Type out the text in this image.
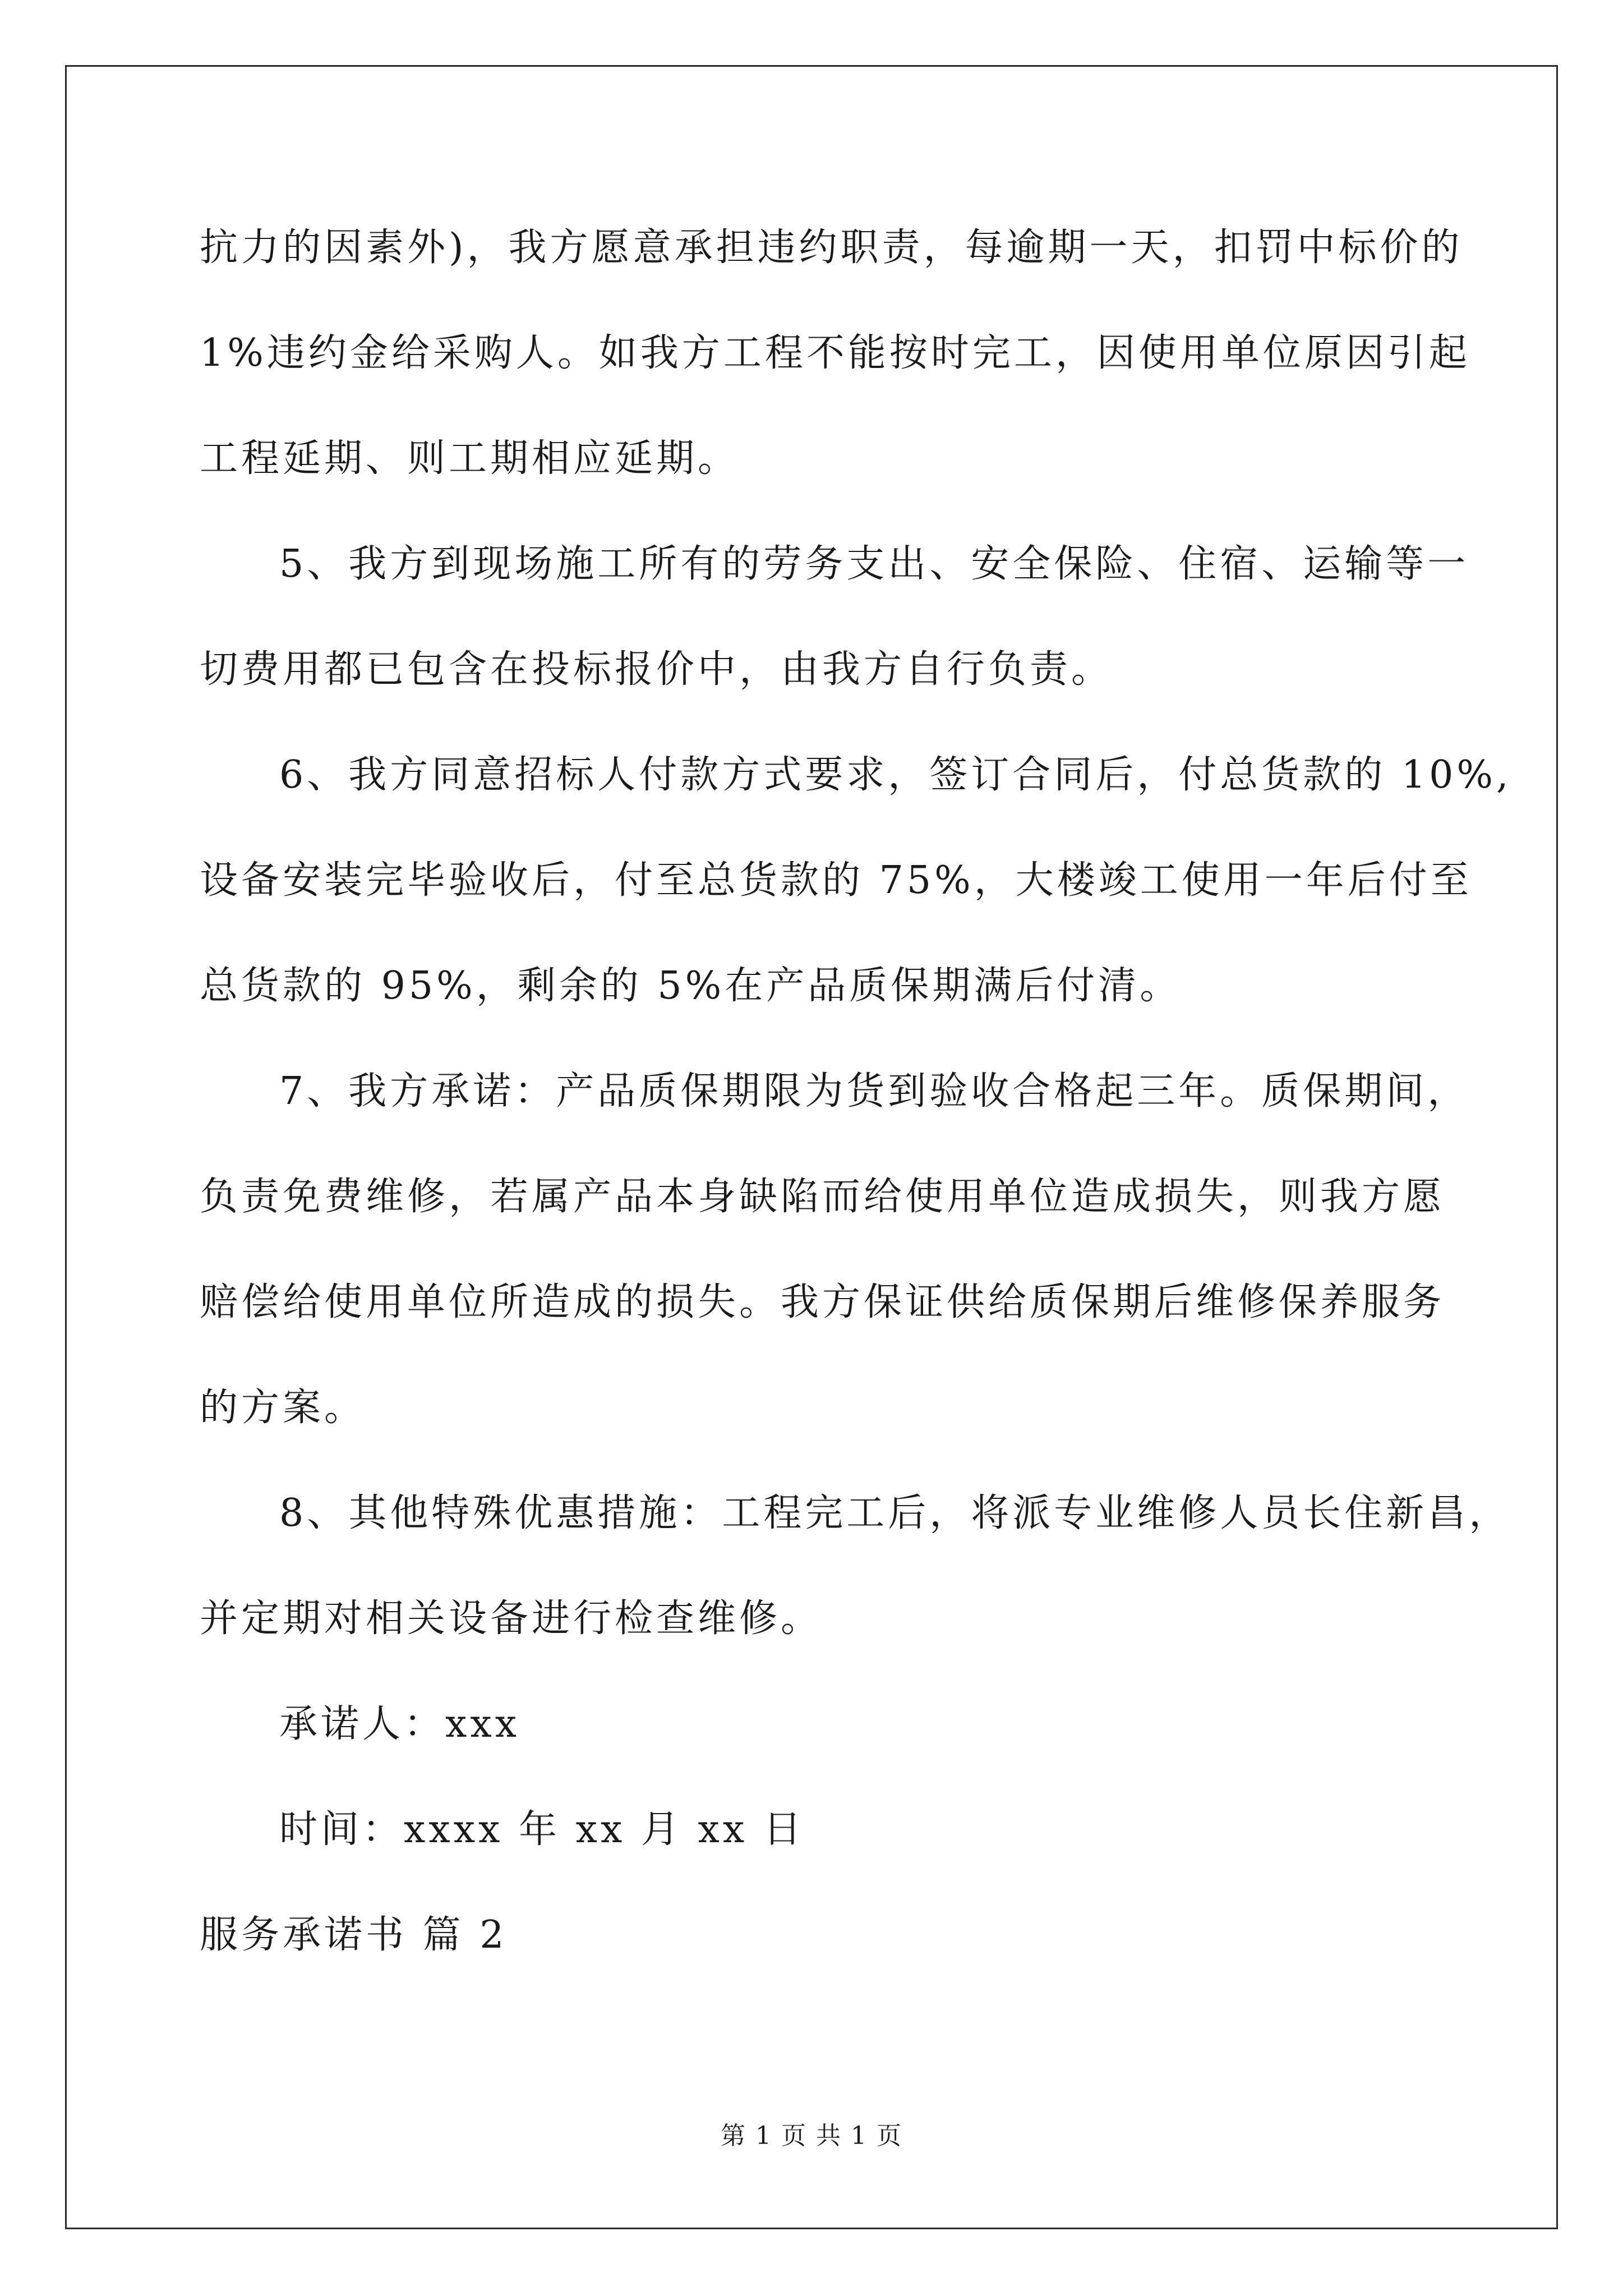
抗力的因素外)，我方愿意承担违约职责，每逾期一天，扣罚中标价的
1%违约金给采购人。如我方工程不能按时完工，因使用单位原因引起
工程延期、则工期相应延期。
5、我方到现场施工所有的劳务支出、安全保险、住宿、运输等一
切费用都已包含在投标报价中，由我方自行负责。
6、我方同意招标人付款方式要求，签订合同后，付总货款的 10%,
设备安装完毕验收后，付至总货款的 75%，大楼竣工使用一年后付至
总货款的 95%，剩余的 5%在产品质保期满后付清。
7、我方承诺：产品质保期限为货到验收合格起三年。质保期间，
负责免费维修，若属产品本身缺陷而给使用单位造成损失，则我方愿
赔偿给使用单位所造成的损失。我方保证供给质保期后维修保养服务
的方案。
8、其他特殊优惠措施：工程完工后，将派专业维修人员长住新昌，
并定期对相关设备进行检查维修。
承诺人：xxx
时间：xxxx 年 xx 月 xx 日
服务承诺书 篇 2
第 1 页 共 1 页
